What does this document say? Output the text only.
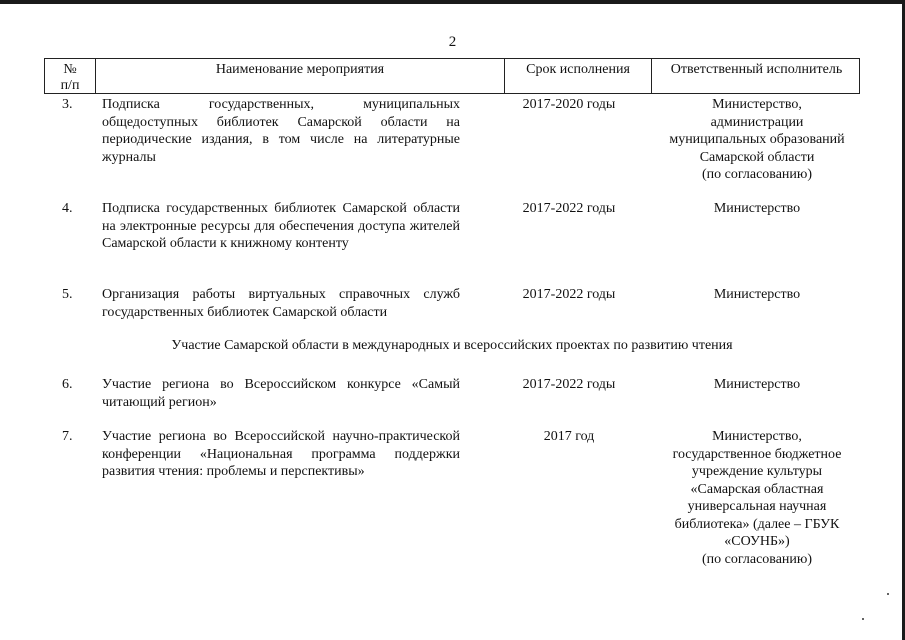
2
№
п/п
Наименование мероприятия	Срок исполнения	Ответственный исполнитель
3. Подписка государственных, муниципальных общедоступных библиотек Самарской области на периодические издания, в том числе на литературные журналы
2017-2020 годы	Министерство,
администрации
муниципальных образований
Самарской области
(по согласованию)
4. Подписка государственных библиотек Самарской области на электронные ресурсы для обеспечения доступа жителей Самарской области к книжному контенту
2017-2022 годы	Министерство
5. Организация работы виртуальных справочных служб государственных библиотек Самарской области
2017-2022 годы	Министерство
Участие Самарской области в международных и всероссийских проектах по развитию чтения
6. Участие региона во Всероссийском конкурсе «Самый читающий регион»
2017-2022 годы	Министерство
7. Участие региона во Всероссийской научно-практической конференции «Национальная программа поддержки развития чтения: проблемы и перспективы»
2017 год	Министерство,
государственное бюджетное
учреждение культуры
«Самарская областная
универсальная научная
библиотека» (далее – ГБУК
«СОУНБ»)
(по согласованию)
